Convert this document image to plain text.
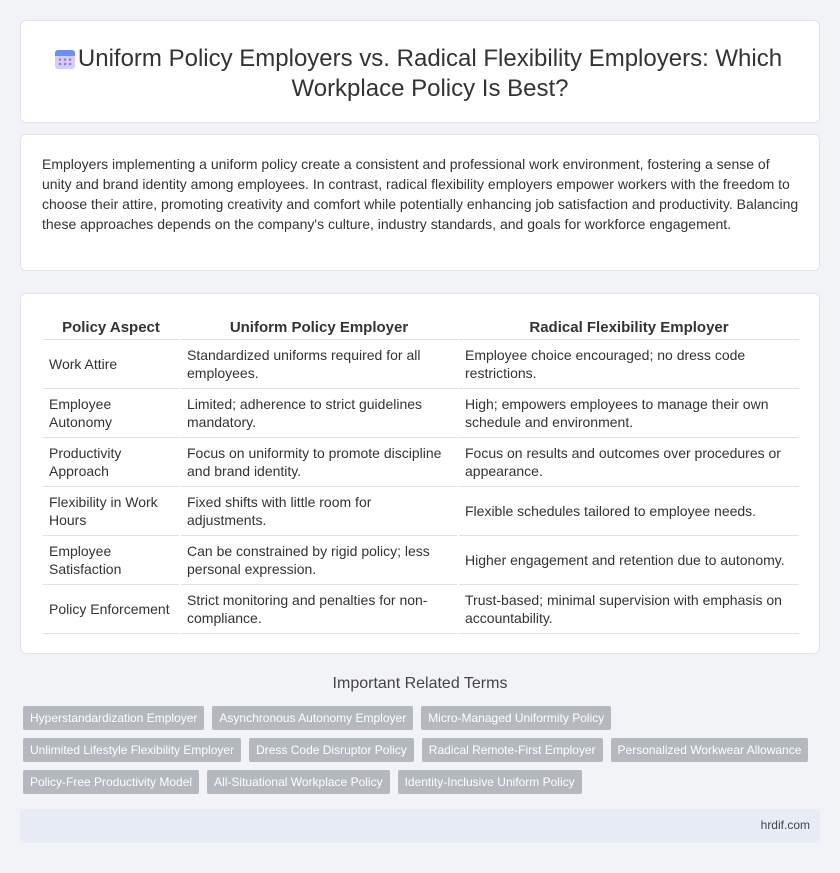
Uniform Policy Employers vs. Radical Flexibility Employers: Which Workplace Policy Is Best?

Employers implementing a uniform policy create a consistent and professional work environment, fostering a sense of unity and brand identity among employees. In contrast, radical flexibility employers empower workers with the freedom to choose their attire, promoting creativity and comfort while potentially enhancing job satisfaction and productivity. Balancing these approaches depends on the company's culture, industry standards, and goals for workforce engagement.

Policy Aspect	Uniform Policy Employer	Radical Flexibility Employer
Work Attire	Standardized uniforms required for all employees.	Employee choice encouraged; no dress code restrictions.
Employee Autonomy	Limited; adherence to strict guidelines mandatory.	High; empowers employees to manage their own schedule and environment.
Productivity Approach	Focus on uniformity to promote discipline and brand identity.	Focus on results and outcomes over procedures or appearance.
Flexibility in Work Hours	Fixed shifts with little room for adjustments.	Flexible schedules tailored to employee needs.
Employee Satisfaction	Can be constrained by rigid policy; less personal expression.	Higher engagement and retention due to autonomy.
Policy Enforcement	Strict monitoring and penalties for non-compliance.	Trust-based; minimal supervision with emphasis on accountability.
Important Related Terms
Hyperstandardization Employer	Asynchronous Autonomy Employer	Micro-Managed Uniformity Policy
Unlimited Lifestyle Flexibility Employer	Dress Code Disruptor Policy	Radical Remote-First Employer	Personalized Workwear Allowance
Policy-Free Productivity Model	All-Situational Workplace Policy	Identity-Inclusive Uniform Policy
hrdif.com
